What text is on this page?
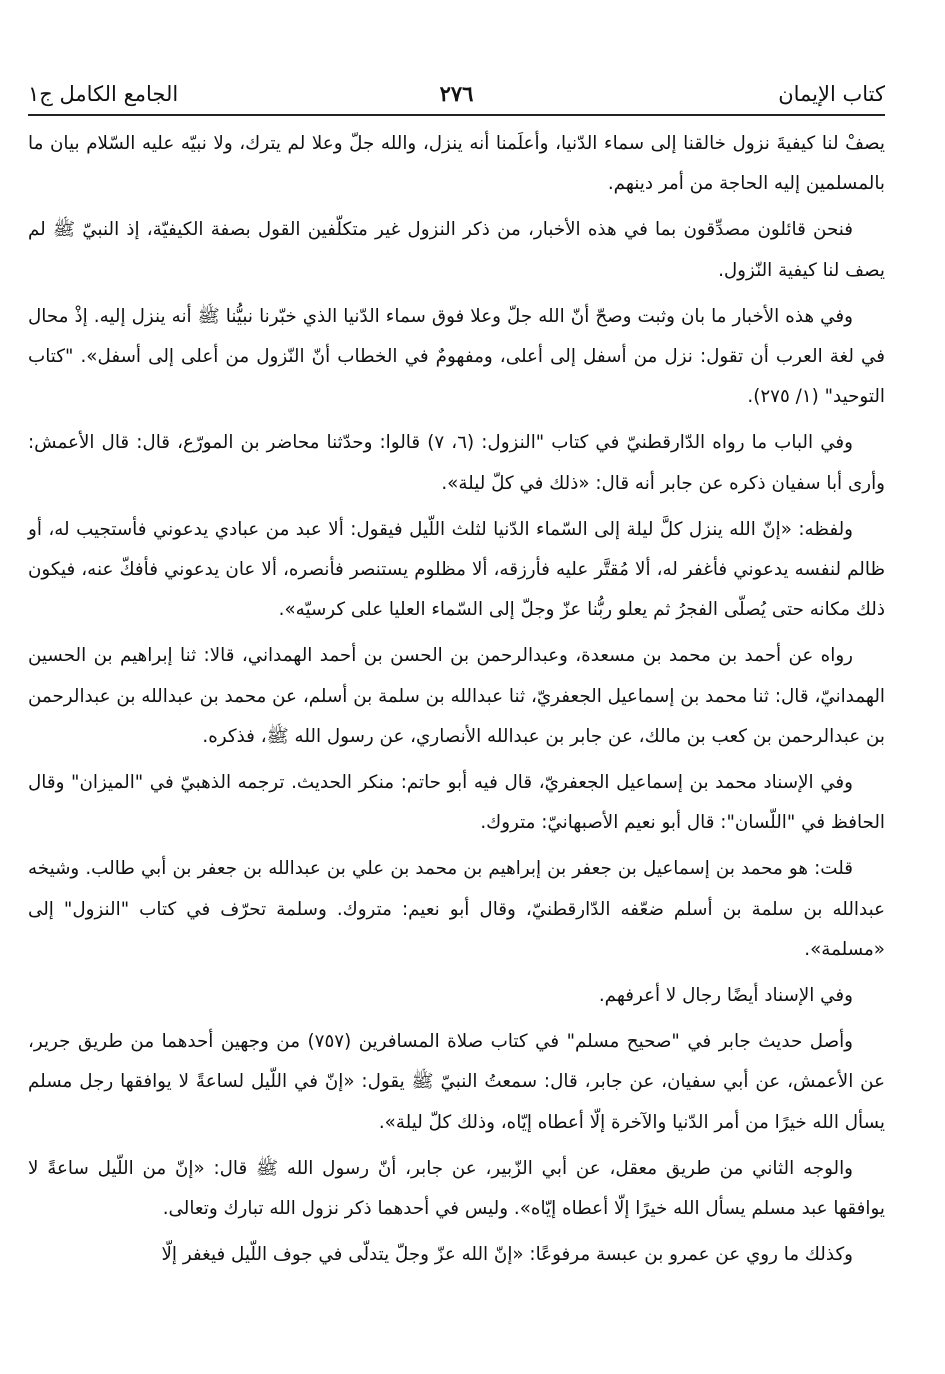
كتاب الإيمان
٢٧٦
الجامع الكامل ج١

يصفْ لنا كيفيةَ نزول خالقنا إلى سماء الدّنيا، وأعلَمنا أنه ينزل، والله جلّ وعلا لم يترك، ولا نبيّه عليه السّلام بيان ما بالمسلمين إليه الحاجة من أمر دينهم.

فنحن قائلون مصدِّقون بما في هذه الأخبار، من ذكر النزول غير متكلّفين القول بصفة الكيفيّة، إذ النبيّ ﷺ لم يصف لنا كيفية النّزول.

وفي هذه الأخبار ما بان وثبت وصحّ أنّ الله جلّ وعلا فوق سماء الدّنيا الذي خبّرنا نبيُّنا ﷺ أنه ينزل إليه. إذْ محال في لغة العرب أن تقول: نزل من أسفل إلى أعلى، ومفهومٌ في الخطاب أنّ النّزول من أعلى إلى أسفل». "كتاب التوحيد" (١/ ٢٧٥).

وفي الباب ما رواه الدّارقطنيّ في كتاب "النزول: (٦، ٧) قالوا: وحدّثنا محاضر بن المورّع، قال: قال الأعمش: وأرى أبا سفيان ذكره عن جابر أنه قال: «ذلك في كلّ ليلة».

ولفظه: «إنّ الله ينزل كلَّ ليلة إلى السّماء الدّنيا لثلث اللّيل فيقول: ألا عبد من عبادي يدعوني فأستجيب له، أو ظالم لنفسه يدعوني فأغفر له، ألا مُقتَّر عليه فأرزقه، ألا مظلوم يستنصر فأنصره، ألا عان يدعوني فأفكّ عنه، فيكون ذلك مكانه حتى يُصلّى الفجرُ ثم يعلو ربُّنا عزّ وجلّ إلى السّماء العليا على كرسيّه».

رواه عن أحمد بن محمد بن مسعدة، وعبدالرحمن بن الحسن بن أحمد الهمداني، قالا: ثنا إبراهيم بن الحسين الهمدانيّ، قال: ثنا محمد بن إسماعيل الجعفريّ، ثنا عبدالله بن سلمة بن أسلم، عن محمد بن عبدالله بن عبدالرحمن بن عبدالرحمن بن كعب بن مالك، عن جابر بن عبدالله الأنصاري، عن رسول الله ﷺ، فذكره.

وفي الإسناد محمد بن إسماعيل الجعفريّ، قال فيه أبو حاتم: منكر الحديث. ترجمه الذهبيّ في "الميزان" وقال الحافظ في "اللّسان": قال أبو نعيم الأصبهانيّ: متروك.

قلت: هو محمد بن إسماعيل بن جعفر بن إبراهيم بن محمد بن علي بن عبدالله بن جعفر بن أبي طالب. وشيخه عبدالله بن سلمة بن أسلم ضعّفه الدّارقطنيّ، وقال أبو نعيم: متروك. وسلمة تحرّف في كتاب "النزول" إلى «مسلمة».

وفي الإسناد أيضًا رجال لا أعرفهم.

وأصل حديث جابر في "صحيح مسلم" في كتاب صلاة المسافرين (٧٥٧) من وجهين أحدهما من طريق جرير، عن الأعمش، عن أبي سفيان، عن جابر، قال: سمعتُ النبيّ ﷺ يقول: «إنّ في اللّيل لساعةً لا يوافقها رجل مسلم يسأل الله خيرًا من أمر الدّنيا والآخرة إلّا أعطاه إيّاه، وذلك كلّ ليلة».

والوجه الثاني من طريق معقل، عن أبي الزّبير، عن جابر، أنّ رسول الله ﷺ قال: «إنّ من اللّيل ساعةً لا يوافقها عبد مسلم يسأل الله خيرًا إلّا أعطاه إيّاه». وليس في أحدهما ذكر نزول الله تبارك وتعالى.

وكذلك ما روي عن عمرو بن عبسة مرفوعًا: «إنّ الله عزّ وجلّ يتدلّى في جوف اللّيل فيغفر إلّا
